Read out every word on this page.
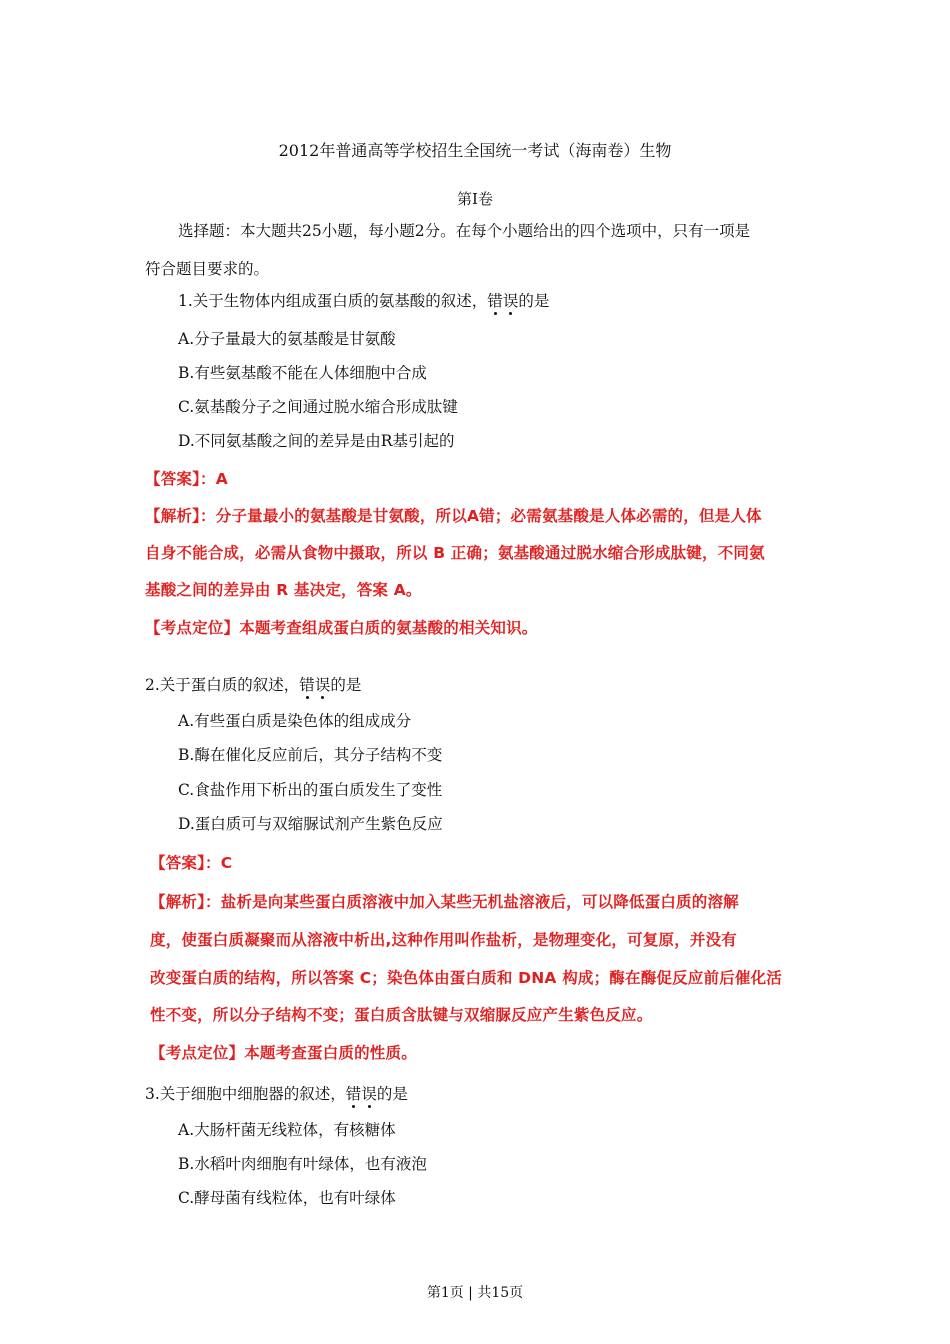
2012年普通高等学校招生全国统一考试（海南卷）生物
第Ⅰ卷
选择题：本大题共25小题，每小题2分。在每个小题给出的四个选项中，只有一项是
符合题目要求的。
1.关于生物体内组成蛋白质的氨基酸的叙述，错误的是
A.分子量最大的氨基酸是甘氨酸
B.有些氨基酸不能在人体细胞中合成
C.氨基酸分子之间通过脱水缩合形成肽键
D.不同氨基酸之间的差异是由R基引起的
【答案】：A
【解析】：分子量最小的氨基酸是甘氨酸，所以A错；必需氨基酸是人体必需的，但是人体
自身不能合成，必需从食物中摄取，所以 B 正确；氨基酸通过脱水缩合形成肽键，不同氨
基酸之间的差异由 R 基决定，答案 A。
【考点定位】本题考查组成蛋白质的氨基酸的相关知识。
2.关于蛋白质的叙述，错误的是
A.有些蛋白质是染色体的组成成分
B.酶在催化反应前后，其分子结构不变
C.食盐作用下析出的蛋白质发生了变性
D.蛋白质可与双缩脲试剂产生紫色反应
【答案】：C
【解析】：盐析是向某些蛋白质溶液中加入某些无机盐溶液后，可以降低蛋白质的溶解
度，使蛋白质凝聚而从溶液中析出,这种作用叫作盐析，是物理变化，可复原，并没有
改变蛋白质的结构，所以答案 C；染色体由蛋白质和 DNA 构成；酶在酶促反应前后催化活
性不变，所以分子结构不变；蛋白质含肽键与双缩脲反应产生紫色反应。
【考点定位】本题考查蛋白质的性质。
3.关于细胞中细胞器的叙述，错误的是
A.大肠杆菌无线粒体，有核糖体
B.水稻叶肉细胞有叶绿体，也有液泡
C.酵母菌有线粒体，也有叶绿体
第1页 | 共15页
